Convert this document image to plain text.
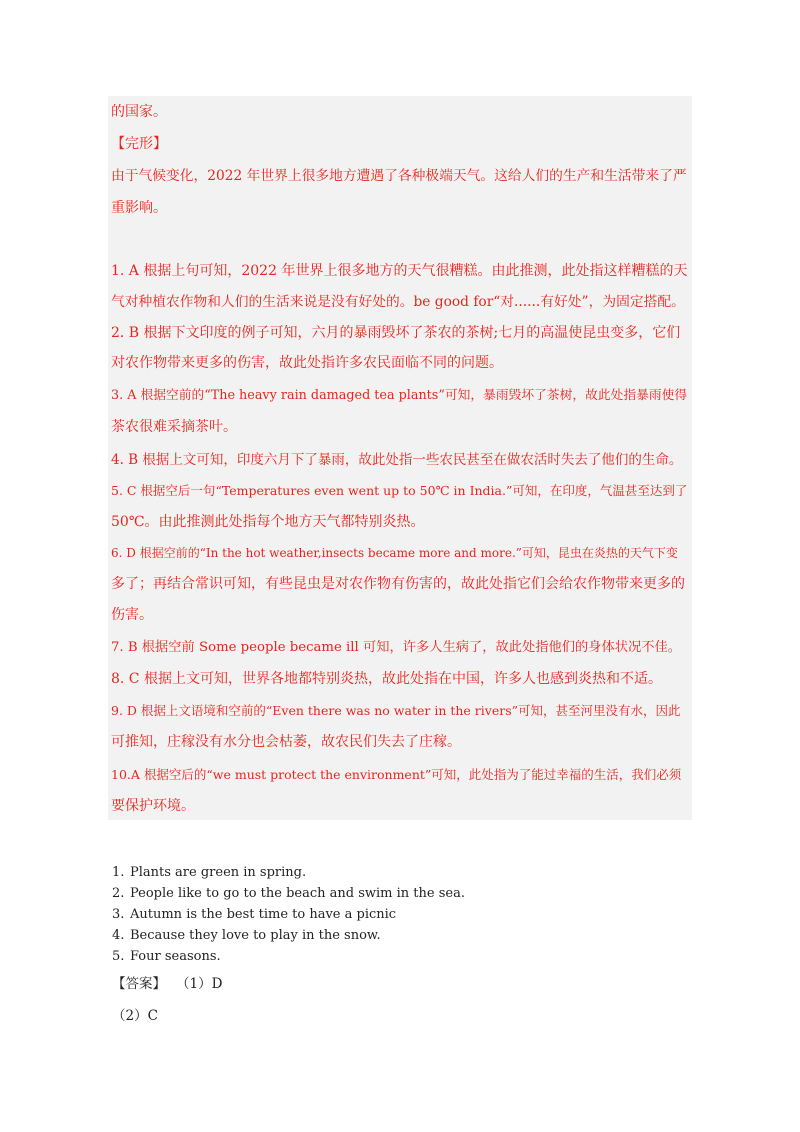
的国家。
【完形】
由于气候变化，2022 年世界上很多地方遭遇了各种极端天气。这给人们的生产和生活带来了严
重影响。
1. A 根据上句可知，2022 年世界上很多地方的天气很糟糕。由此推测，此处指这样糟糕的天
气对种植农作物和人们的生活来说是没有好处的。be good for“对......有好处”，为固定搭配。
2. B 根据下文印度的例子可知，六月的暴雨毁坏了茶农的茶树;七月的高温使昆虫变多，它们
对农作物带来更多的伤害，故此处指许多农民面临不同的问题。
3. A 根据空前的“The heavy rain damaged tea plants”可知，暴雨毁坏了茶树，故此处指暴雨使得
茶农很难采摘茶叶。
4. B 根据上文可知，印度六月下了暴雨，故此处指一些农民甚至在做农活时失去了他们的生命。
5. C 根据空后一句“Temperatures even went up to 50℃ in India.”可知，在印度，气温甚至达到了
50℃。由此推测此处指每个地方天气都特别炎热。
6. D 根据空前的“In the hot weather,insects became more and more.”可知，昆虫在炎热的天气下变
多了；再结合常识可知，有些昆虫是对农作物有伤害的，故此处指它们会给农作物带来更多的
伤害。
7. B 根据空前 Some people became ill 可知，许多人生病了，故此处指他们的身体状况不佳。
8. C 根据上文可知，世界各地都特别炎热，故此处指在中国，许多人也感到炎热和不适。
9. D 根据上文语境和空前的“Even there was no water in the rivers”可知，甚至河里没有水，因此
可推知，庄稼没有水分也会枯萎，故农民们失去了庄稼。
10.A 根据空后的“we must protect the environment”可知，此处指为了能过幸福的生活，我们必须
要保护环境。
1. Plants are green in spring.
2. People like to go to the beach and swim in the sea.
3. Autumn is the best time to have a picnic
4. Because they love to play in the snow.
5. Four seasons.
【答案】 （1）D
（2）C
